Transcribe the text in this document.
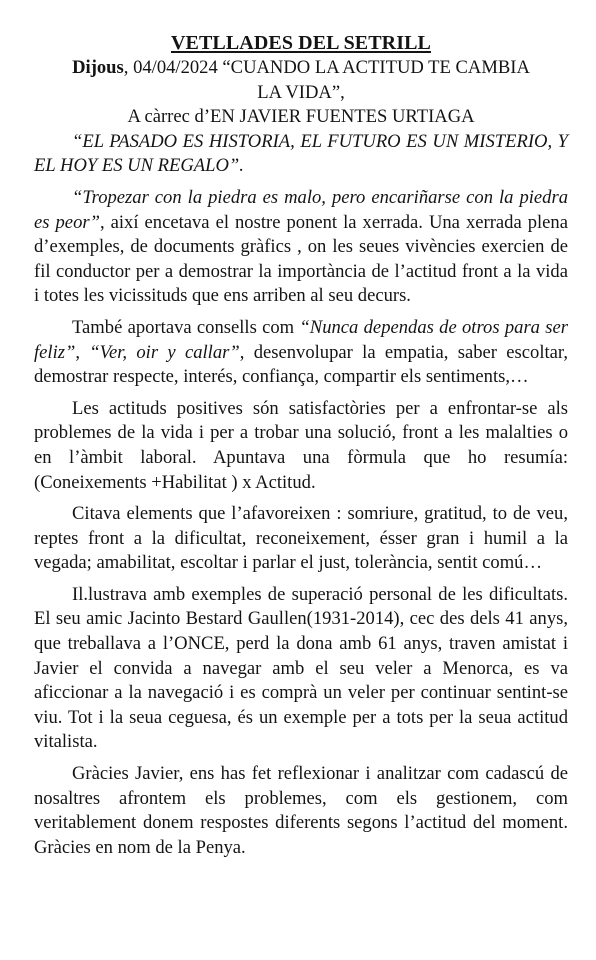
VETLLADES DEL SETRILL

Dijous, 04/04/2024 “CUANDO LA ACTITUD TE CAMBIA

LA VIDA”,

A càrrec d’EN JAVIER FUENTES URTIAGA

“EL PASADO ES HISTORIA, EL FUTURO ES UN MISTERIO, Y EL HOY ES UN REGALO”.

“Tropezar con la piedra es malo, pero encariñarse con la piedra es peor”, així encetava el nostre ponent la xerrada. Una xerrada plena d’exemples, de documents gràfics , on les seues vivències exercien de fil conductor per a demostrar la importància de l’actitud front a la vida i totes les vicissituds que ens arriben al seu decurs.

També aportava consells com “Nunca dependas de otros para ser feliz”, “Ver, oir y callar”, desenvolupar la empatia, saber escoltar, demostrar respecte, interés, confiança, compartir els sentiments,…

Les actituds positives són satisfactòries per a enfrontar-se als problemes de la vida i per a trobar una solució, front a les malalties o en l’àmbit laboral. Apuntava una fòrmula que ho resumía: (Coneixements +Habilitat ) x Actitud.

Citava elements que l’afavoreixen : somriure, gratitud, to de veu, reptes front a la dificultat, reconeixement, ésser gran i humil a la vegada; amabilitat, escoltar i parlar el just, tolerància, sentit comú…

Il.lustrava amb exemples de superació personal de les dificultats. El seu amic Jacinto Bestard Gaullen(1931-2014), cec des dels 41 anys, que treballava a l’ONCE, perd la dona amb 61 anys, traven amistat i Javier el convida a navegar amb el seu veler a Menorca, es va aficcionar a la navegació i es comprà un veler per continuar sentint-se viu. Tot i la seua ceguesa, és un exemple per a tots per la seua actitud vitalista.

Gràcies Javier, ens has fet reflexionar i analitzar com cadascú de nosaltres afrontem els problemes, com els gestionem, com veritablement donem respostes diferents segons l’actitud del moment. Gràcies en nom de la Penya.
